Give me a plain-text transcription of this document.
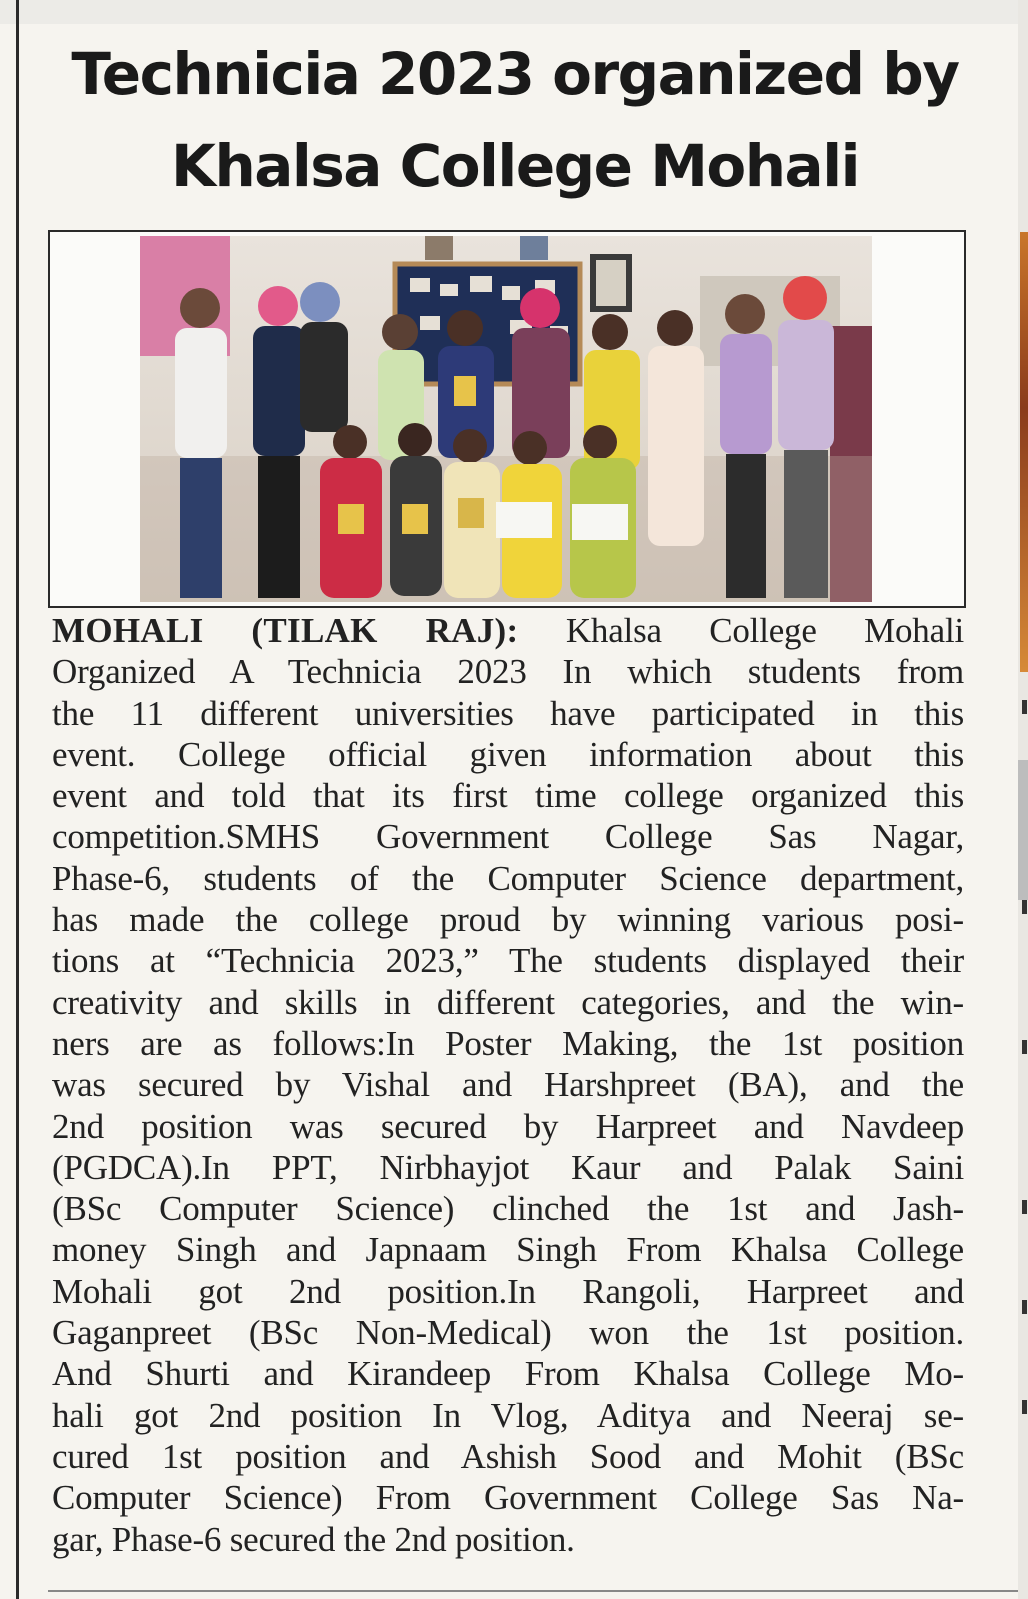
Technicia 2023 organized by
Khalsa College Mohali
MOHALI (TILAK RAJ): Khalsa College Mohali
Organized A Technicia 2023 In which students from
the 11 different universities have participated in this
event. College official given information about this
event and told that its first time college organized this
competition.SMHS Government College Sas Nagar,
Phase-6, students of the Computer Science department,
has made the college proud by winning various posi-
tions at “Technicia 2023,” The students displayed their
creativity and skills in different categories, and the win-
ners are as follows:In Poster Making, the 1st position
was secured by Vishal and Harshpreet (BA), and the
2nd position was secured by Harpreet and Navdeep
(PGDCA).In PPT, Nirbhayjot Kaur and Palak Saini
(BSc Computer Science) clinched the 1st and Jash-
money Singh and Japnaam Singh From Khalsa College
Mohali got 2nd position.In Rangoli, Harpreet and
Gaganpreet (BSc Non-Medical) won the 1st position.
And Shurti and Kirandeep From Khalsa College Mo-
hali got 2nd position In Vlog, Aditya and Neeraj se-
cured 1st position and Ashish Sood and Mohit (BSc
Computer Science) From Government College Sas Na-
gar, Phase-6 secured the 2nd position.
